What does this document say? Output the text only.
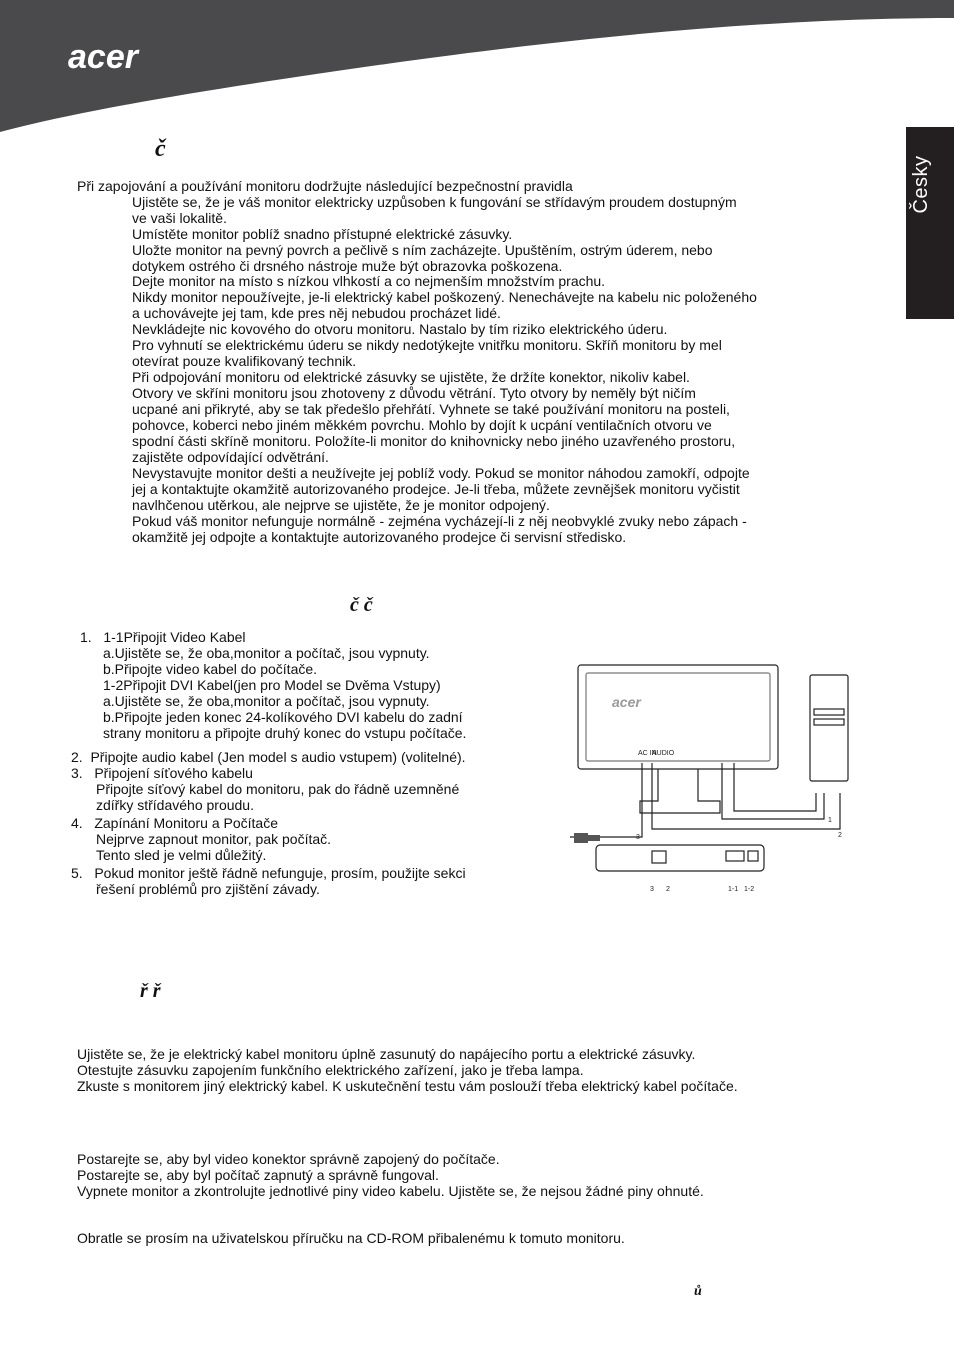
acer
Česky
č
Při zapojování a používání monitoru dodržujte následující bezpečnostní pravidla
Ujistěte se, že je váš monitor elektricky uzpůsoben k fungování se střídavým proudem dostupným
ve vaši lokalitě.
Umístěte monitor poblíž snadno přístupné elektrické zásuvky.
Uložte monitor na pevný povrch a pečlivě s ním zacházejte. Upuštěním, ostrým úderem, nebo
dotykem ostrého či drsného nástroje muže být obrazovka poškozena.
Dejte monitor na místo s nízkou vlhkostí a co nejmenším množstvím prachu.
Nikdy monitor nepoužívejte, je-li elektrický kabel poškozený. Nenechávejte na kabelu nic položeného
a uchovávejte jej tam, kde pres něj nebudou procházet lidé.
Nevkládejte nic kovového do otvoru monitoru. Nastalo by tím riziko elektrického úderu.
Pro vyhnutí se elektrickému úderu se nikdy nedotýkejte vnitřku monitoru. Skříň monitoru by mel
otevírat pouze kvalifikovaný technik.
Při odpojování monitoru od elektrické zásuvky se ujistěte, že držíte konektor, nikoliv kabel.
Otvory ve skříni monitoru jsou zhotoveny z důvodu větrání. Tyto otvory by neměly být ničím
ucpané ani přikryté, aby se tak předešlo přehřátí. Vyhnete se také používání monitoru na posteli,
pohovce, koberci nebo jiném měkkém povrchu. Mohlo by dojít k ucpání ventilačních otvoru ve
spodní části skříně monitoru. Položíte-li monitor do knihovnicky nebo jiného uzavřeného prostoru,
zajistěte odpovídající odvětrání.
Nevystavujte monitor dešti a neužívejte jej poblíž vody. Pokud se monitor náhodou zamokří, odpojte
jej a kontaktujte okamžitě autorizovaného prodejce. Je-li třeba, můžete zevnějšek monitoru vyčistit
navlhčenou utěrkou, ale nejprve se ujistěte, že je monitor odpojený.
Pokud váš monitor nefunguje normálně - zejména vycházejí-li z něj neobvyklé zvuky nebo zápach -
okamžitě jej odpojte a kontaktujte autorizovaného prodejce či servisní středisko.
č č
1.   1-1Připojit Video Kabel
a.Ujistěte se, že oba,monitor a počítač, jsou vypnuty.
b.Připojte video kabel do počítače.
1-2Připojit DVI Kabel(jen pro Model se Dvěma Vstupy)
a.Ujistěte se, že oba,monitor a počítač, jsou vypnuty.
b.Připojte jeden konec 24-kolíkového DVI kabelu do zadní
strany monitoru a připojte druhý konec do vstupu počítače.
2.  Připojte audio kabel (Jen model s audio vstupem) (volitelné).
3.   Připojení síťového kabelu
Připojte síťový kabel do monitoru, pak do řádně uzemněné
zdířky střídavého proudu.
4.   Zapínání Monitoru a Počítače
Nejprve zapnout monitor, pak počítač.
Tento sled je velmi důležitý.
5.   Pokud monitor ještě řádně nefunguje, prosím, použijte sekci
řešení problémů pro zjištění závady.
acer
AC IN
AUDIO
3
1
2
3 2	1-1 1-2
ř ř
Ujistěte se, že je elektrický kabel monitoru úplně zasunutý do napájecího portu a elektrické zásuvky.
Otestujte zásuvku zapojením funkčního elektrického zařízení, jako je třeba lampa.
Zkuste s monitorem jiný elektrický kabel. K uskutečnění testu vám poslouží třeba elektrický kabel počítače.
Postarejte se, aby byl video konektor správně zapojený do počítače.
Postarejte se, aby byl počítač zapnutý a správně fungoval.
Vypnete monitor a zkontrolujte jednotlivé piny video kabelu. Ujistěte se, že nejsou žádné piny ohnuté.
Obratle se prosím na uživatelskou příručku na CD-ROM přibalenému k tomuto monitoru.
ů
